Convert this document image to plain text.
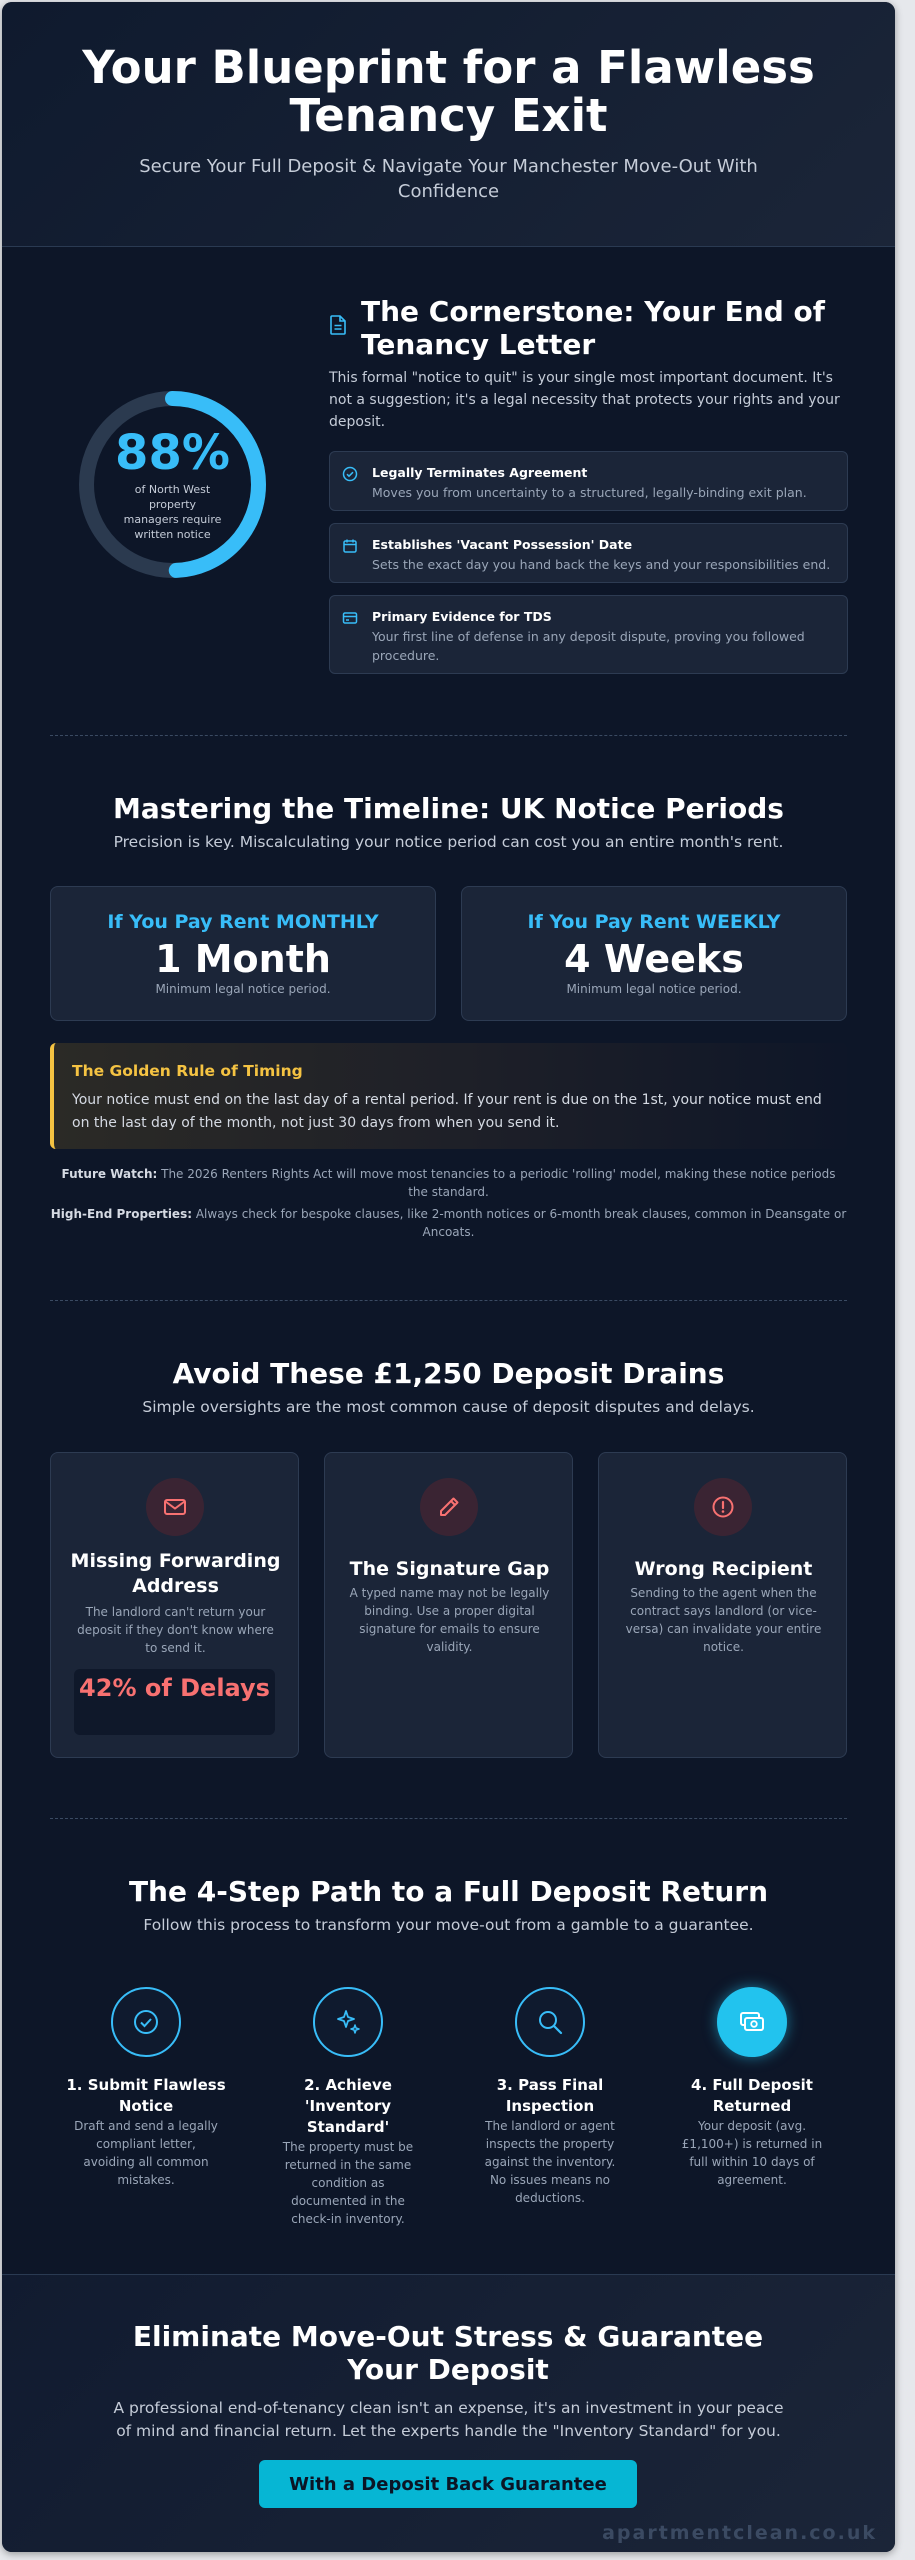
Your Blueprint for a Flawless Tenancy Exit

Secure Your Full Deposit & Navigate Your Manchester Move-Out With Confidence

88%
of North West property managers require written notice
The Cornerstone: Your End of Tenancy Letter

This formal "notice to quit" is your single most important document. It's not a suggestion; it's a legal necessity that protects your rights and your deposit.

Legally Terminates Agreement
Moves you from uncertainty to a structured, legally-binding exit plan.
Establishes 'Vacant Possession' Date
Sets the exact day you hand back the keys and your responsibilities end.
Primary Evidence for TDS
Your first line of defense in any deposit dispute, proving you followed procedure.
Mastering the Timeline: UK Notice Periods

Precision is key. Miscalculating your notice period can cost you an entire month's rent.

If You Pay Rent MONTHLY
1 Month
Minimum legal notice period.
If You Pay Rent WEEKLY
4 Weeks
Minimum legal notice period.
The Golden Rule of Timing
Your notice must end on the last day of a rental period. If your rent is due on the 1st, your notice must end on the last day of the month, not just 30 days from when you send it.

Future Watch: The 2026 Renters Rights Act will move most tenancies to a periodic 'rolling' model, making these notice periods the standard.

High-End Properties: Always check for bespoke clauses, like 2-month notices or 6-month break clauses, common in Deansgate or Ancoats.

Avoid These £1,250 Deposit Drains

Simple oversights are the most common cause of deposit disputes and delays.

Missing Forwarding Address
The landlord can't return your deposit if they don't know where to send it.
42% of Delays
The Signature Gap
A typed name may not be legally binding. Use a proper digital signature for emails to ensure validity.
Wrong Recipient
Sending to the agent when the contract says landlord (or vice-versa) can invalidate your entire notice.
The 4-Step Path to a Full Deposit Return

Follow this process to transform your move-out from a gamble to a guarantee.

1. Submit Flawless Notice
Draft and send a legally compliant letter, avoiding all common mistakes.
2. Achieve 'Inventory Standard'
The property must be returned in the same condition as documented in the check-in inventory.
3. Pass Final Inspection
The landlord or agent inspects the property against the inventory. No issues means no deductions.
4. Full Deposit Returned
Your deposit (avg. £1,100+) is returned in full within 10 days of agreement.
Eliminate Move-Out Stress & Guarantee Your Deposit

A professional end-of-tenancy clean isn't an expense, it's an investment in your peace of mind and financial return. Let the experts handle the "Inventory Standard" for you.

With a Deposit Back Guarantee
apartmentclean.co.uk
